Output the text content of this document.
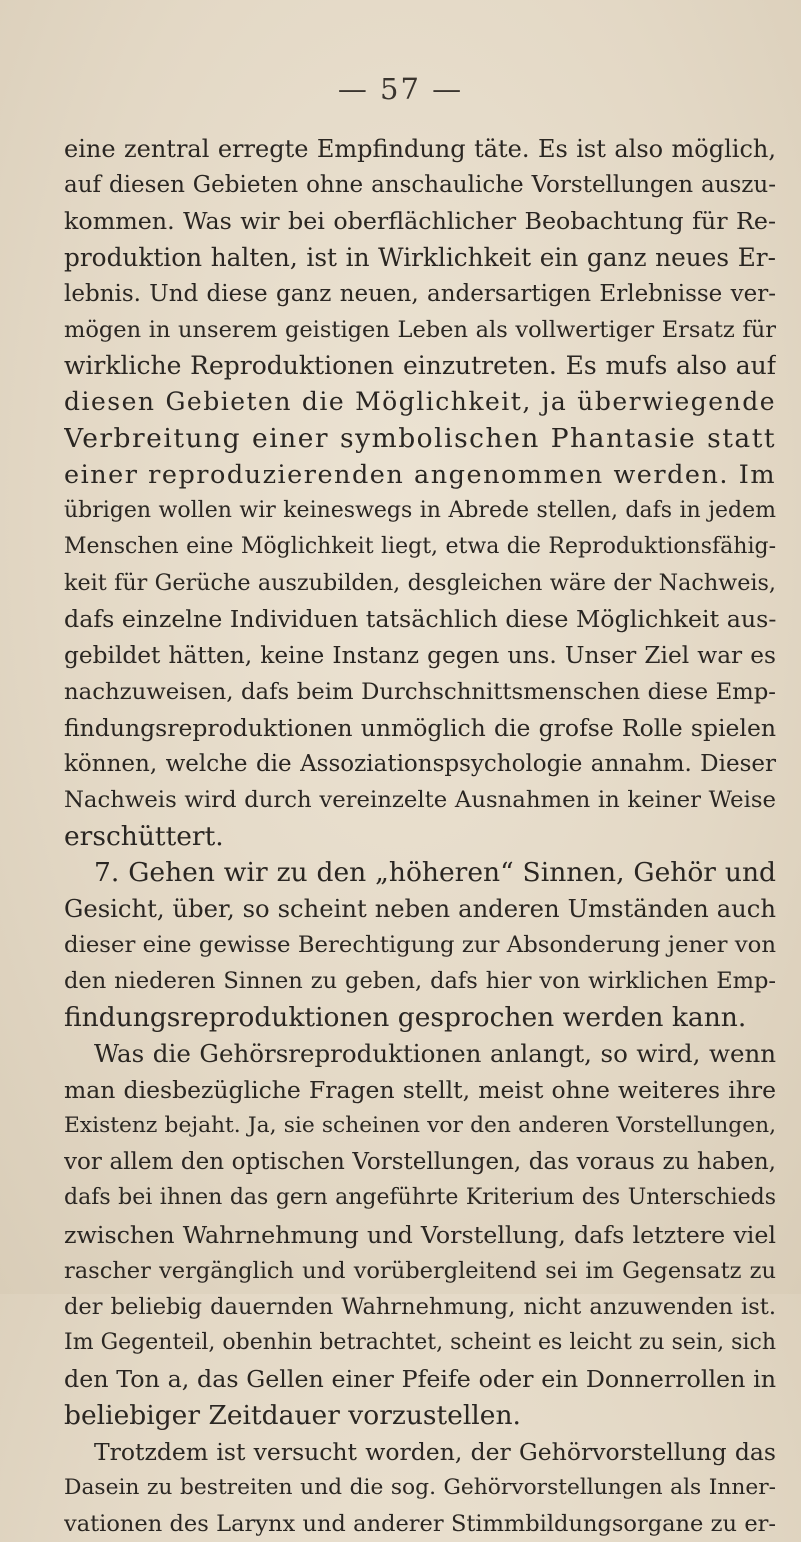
— 57 —
eine zentral erregte Empfindung täte. Es ist also möglich,
auf diesen Gebieten ohne anschauliche Vorstellungen auszu-
kommen. Was wir bei oberflächlicher Beobachtung für Re-
produktion halten, ist in Wirklichkeit ein ganz neues Er-
lebnis. Und diese ganz neuen, andersartigen Erlebnisse ver-
mögen in unserem geistigen Leben als vollwertiger Ersatz für
wirkliche Reproduktionen einzutreten. Es mufs also auf
diesen Gebieten die Möglichkeit, ja überwiegende
Verbreitung einer symbolischen Phantasie statt
einer reproduzierenden angenommen werden. Im
übrigen wollen wir keineswegs in Abrede stellen, dafs in jedem
Menschen eine Möglichkeit liegt, etwa die Reproduktionsfähig-
keit für Gerüche auszubilden, desgleichen wäre der Nachweis,
dafs einzelne Individuen tatsächlich diese Möglichkeit aus-
gebildet hätten, keine Instanz gegen uns. Unser Ziel war es
nachzuweisen, dafs beim Durchschnittsmenschen diese Emp-
findungsreproduktionen unmöglich die grofse Rolle spielen
können, welche die Assoziationspsychologie annahm. Dieser
Nachweis wird durch vereinzelte Ausnahmen in keiner Weise
erschüttert.
7. Gehen wir zu den „höheren“ Sinnen, Gehör und
Gesicht, über, so scheint neben anderen Umständen auch
dieser eine gewisse Berechtigung zur Absonderung jener von
den niederen Sinnen zu geben, dafs hier von wirklichen Emp-
findungsreproduktionen gesprochen werden kann.
Was die Gehörsreproduktionen anlangt, so wird, wenn
man diesbezügliche Fragen stellt, meist ohne weiteres ihre
Existenz bejaht. Ja, sie scheinen vor den anderen Vorstellungen,
vor allem den optischen Vorstellungen, das voraus zu haben,
dafs bei ihnen das gern angeführte Kriterium des Unterschieds
zwischen Wahrnehmung und Vorstellung, dafs letztere viel
rascher vergänglich und vorübergleitend sei im Gegensatz zu
der beliebig dauernden Wahrnehmung, nicht anzuwenden ist.
Im Gegenteil, obenhin betrachtet, scheint es leicht zu sein, sich
den Ton a, das Gellen einer Pfeife oder ein Donnerrollen in
beliebiger Zeitdauer vorzustellen.
Trotzdem ist versucht worden, der Gehörvorstellung das
Dasein zu bestreiten und die sog. Gehörvorstellungen als Inner-
vationen des Larynx und anderer Stimmbildungsorgane zu er-
